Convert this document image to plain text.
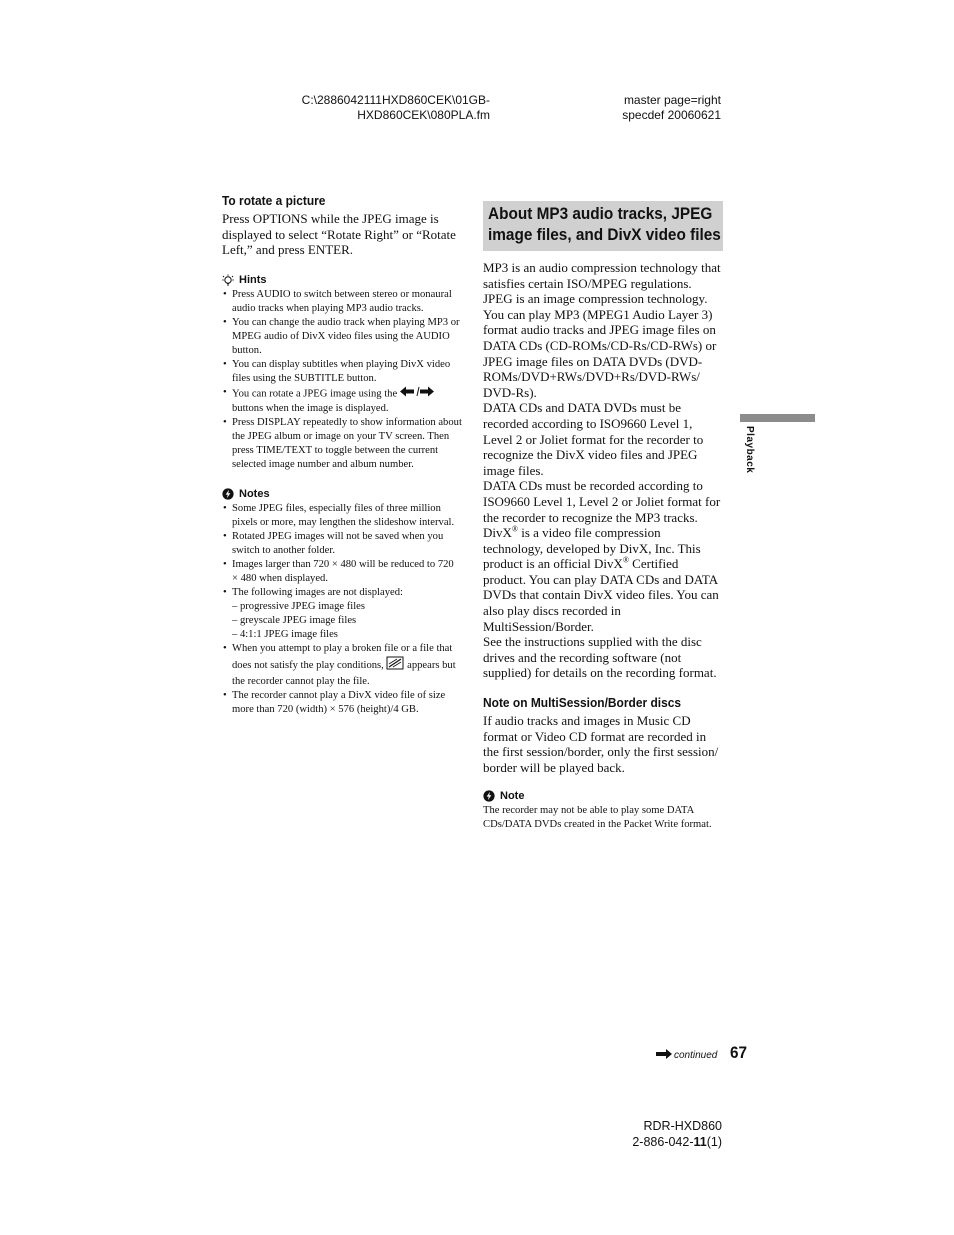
C:\2886042111HXD860CEK\01GB-
HXD860CEK\080PLA.fm
master page=right
specdef 20060621
To rotate a picture

Press OPTIONS while the JPEG image is displayed to select “Rotate Right” or “Rotate Left,” and press ENTER.

Hints
• Press AUDIO to switch between stereo or monaural audio tracks when playing MP3 audio tracks.
• You can change the audio track when playing MP3 or MPEG audio of DivX video files using the AUDIO button.
• You can display subtitles when playing DivX video files using the SUBTITLE button.
• You can rotate a JPEG image using the  buttons when the image is displayed.
• Press DISPLAY repeatedly to show information about the JPEG album or image on your TV screen. Then press TIME/TEXT to toggle between the current selected image number and album number.
Notes
• Some JPEG files, especially files of three million pixels or more, may lengthen the slideshow interval.
• Rotated JPEG images will not be saved when you switch to another folder.
• Images larger than 720 × 480 will be reduced to 720 × 480 when displayed.
• The following images are not displayed:
– progressive JPEG image files
– greyscale JPEG image files
– 4:1:1 JPEG image files
• When you attempt to play a broken file or a file that does not satisfy the play conditions, appears but the recorder cannot play the file.
• The recorder cannot play a DivX video file of size more than 720 (width) × 576 (height)/4 GB.
About MP3 audio tracks, JPEG image files, and DivX video files

MP3 is an audio compression technology that satisfies certain ISO/MPEG regulations.

JPEG is an image compression technology.

You can play MP3 (MPEG1 Audio Layer 3) format audio tracks and JPEG image files on DATA CDs (CD-ROMs/CD-Rs/CD-RWs) or JPEG image files on DATA DVDs (DVD-ROMs/DVD+RWs/DVD+Rs/DVD-RWs/ DVD-Rs).

DATA CDs and DATA DVDs must be recorded according to ISO9660 Level 1, Level 2 or Joliet format for the recorder to recognize the DivX video files and JPEG image files.

DATA CDs must be recorded according to ISO9660 Level 1, Level 2 or Joliet format for the recorder to recognize the MP3 tracks.

DivX® is a video file compression technology, developed by DivX, Inc. This product is an official DivX® Certified product. You can play DATA CDs and DATA DVDs that contain DivX video files. You can also play discs recorded in MultiSession/Border.

See the instructions supplied with the disc drives and the recording software (not supplied) for details on the recording format.

Note on MultiSession/Border discs

If audio tracks and images in Music CD format or Video CD format are recorded in the first session/border, only the first session/ border will be played back.

Note

The recorder may not be able to play some DATA CDs/DATA DVDs created in the Packet Write format.

Playback
continued 67
RDR-HXD860
2-886-042-11(1)
